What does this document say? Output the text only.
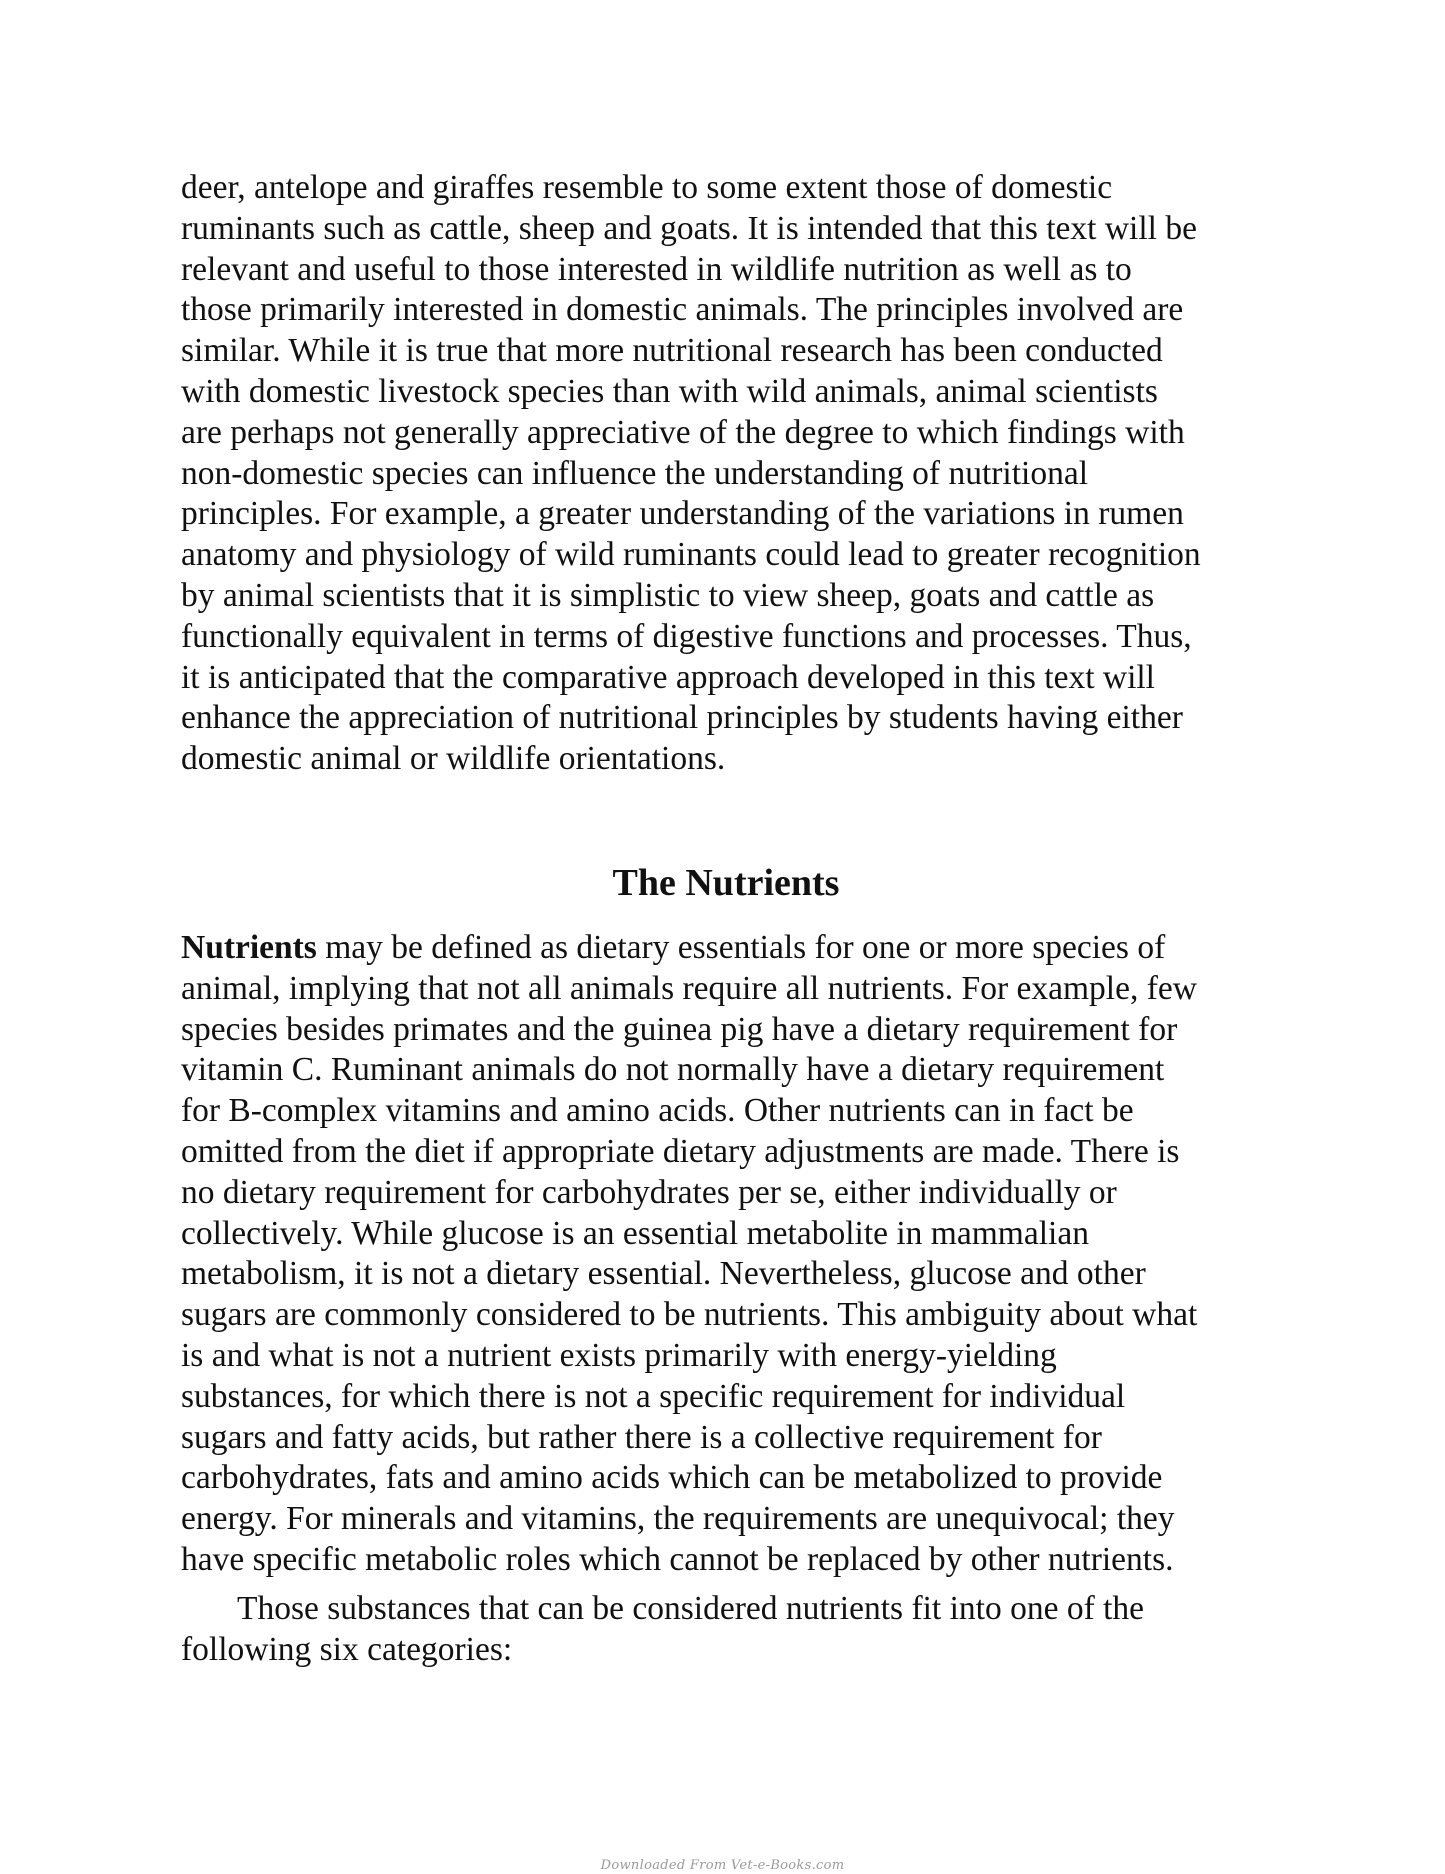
deer, antelope and giraffes resemble to some extent those of domestic
ruminants such as cattle, sheep and goats. It is intended that this text will be
relevant and useful to those interested in wildlife nutrition as well as to
those primarily interested in domestic animals. The principles involved are
similar. While it is true that more nutritional research has been conducted
with domestic livestock species than with wild animals, animal scientists
are perhaps not generally appreciative of the degree to which findings with
non-domestic species can influence the understanding of nutritional
principles. For example, a greater understanding of the variations in rumen
anatomy and physiology of wild ruminants could lead to greater recognition
by animal scientists that it is simplistic to view sheep, goats and cattle as
functionally equivalent in terms of digestive functions and processes. Thus,
it is anticipated that the comparative approach developed in this text will
enhance the appreciation of nutritional principles by students having either
domestic animal or wildlife orientations.
The Nutrients
Nutrients may be defined as dietary essentials for one or more species of
animal, implying that not all animals require all nutrients. For example, few
species besides primates and the guinea pig have a dietary requirement for
vitamin C. Ruminant animals do not normally have a dietary requirement
for B-complex vitamins and amino acids. Other nutrients can in fact be
omitted from the diet if appropriate dietary adjustments are made. There is
no dietary requirement for carbohydrates per se, either individually or
collectively. While glucose is an essential metabolite in mammalian
metabolism, it is not a dietary essential. Nevertheless, glucose and other
sugars are commonly considered to be nutrients. This ambiguity about what
is and what is not a nutrient exists primarily with energy-yielding
substances, for which there is not a specific requirement for individual
sugars and fatty acids, but rather there is a collective requirement for
carbohydrates, fats and amino acids which can be metabolized to provide
energy. For minerals and vitamins, the requirements are unequivocal; they
have specific metabolic roles which cannot be replaced by other nutrients.
Those substances that can be considered nutrients fit into one of the
following six categories:
Downloaded From Vet-e-Books.com
